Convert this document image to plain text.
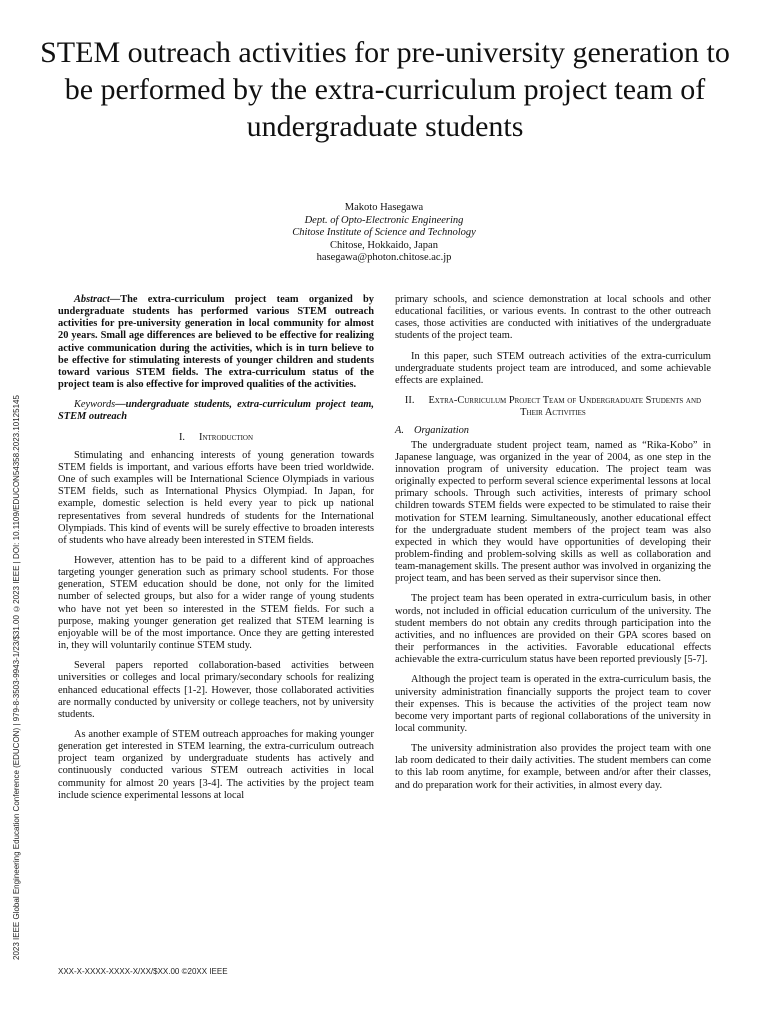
2023 IEEE Global Engineering Education Conference (EDUCON) | 979-8-3503-9943-1/23/$31.00 ©2023 IEEE | DOI: 10.1109/EDUCON54358.2023.10125145
STEM outreach activities for pre-university generation to be performed by the extra-curriculum project team of undergraduate students
Makoto Hasegawa
Dept. of Opto-Electronic Engineering
Chitose Institute of Science and Technology
Chitose, Hokkaido, Japan
hasegawa@photon.chitose.ac.jp

Abstract—The extra-curriculum project team organized by undergraduate students has performed various STEM outreach activities for pre-university generation in local community for almost 20 years. Small age differences are believed to be effective for realizing active communication during the activities, which is in turn believe to be effective for stimulating interests of younger children and students toward various STEM fields. The extra-curriculum status of the project team is also effective for improved qualities of the activities.

Keywords—undergraduate students, extra-curriculum project team, STEM outreach

I. Introduction

Stimulating and enhancing interests of young generation towards STEM fields is important, and various efforts have been tried worldwide. One of such examples will be International Science Olympiads in various STEM fields, such as International Physics Olympiad. In Japan, for example, domestic selection is held every year to pick up national representatives from several hundreds of students for the International Olympiads. This kind of events will be surely effective to broaden interests of students who have already been interested in STEM fields.

However, attention has to be paid to a different kind of approaches targeting younger generation such as primary school students. For those generation, STEM education should be done, not only for the limited number of selected groups, but also for a wider range of young students who have not yet been so interested in the STEM fields. For such a purpose, making younger generation get realized that STEM learning is enjoyable will be of the most importance. Once they are getting interested in, they will voluntarily continue STEM study.

Several papers reported collaboration-based activities between universities or colleges and local primary/secondary schools for realizing enhanced educational effects [1-2]. However, those collaborated activities are normally conducted by university or college teachers, not by university students.

As another example of STEM outreach approaches for making younger generation get interested in STEM learning, the extra-curriculum outreach project team organized by undergraduate students has actively and continuously conducted various STEM outreach activities in local community for almost 20 years [3-4]. The activities by the project team include science experimental lessons at local

primary schools, and science demonstration at local schools and other educational facilities, or various events. In contrast to the other outreach cases, those activities are conducted with initiatives of the undergraduate students of the project team.

In this paper, such STEM outreach activities of the extra-curriculum undergraduate students project team are introduced, and some achievable effects are explained.

II. Extra-Curriculum Project Team of Undergraduate Students and Their Activities
A. Organization

The undergraduate student project team, named as “Rika-Kobo” in Japanese language, was organized in the year of 2004, as one step in the innovation program of university education. The project team was originally expected to perform several science experimental lessons at local primary schools. Through such activities, interests of primary school children towards STEM fields were expected to be stimulated to raise their motivation for STEM learning. Simultaneously, another educational effect for the undergraduate student members of the project team was also expected in which they would have opportunities of developing their problem-finding and problem-solving skills as well as collaboration and team-management skills. The present author was involved in organizing the project team, and has been served as their supervisor since then.

The project team has been operated in extra-curriculum basis, in other words, not included in official education curriculum of the university. The student members do not obtain any credits through participation into the activities, and no influences are provided on their GPA scores based on their performances in the activities. Favorable educational effects achievable the extra-curriculum status have been reported previously [5-7].

Although the project team is operated in the extra-curriculum basis, the university administration financially supports the project team to cover their expenses. This is because the activities of the project team now become very important parts of regional collaborations of the university in local community.

The university administration also provides the project team with one lab room dedicated to their daily activities. The student members can come to this lab room anytime, for example, between and/or after their classes, and do preparation work for their activities, in almost every day.

XXX-X-XXXX-XXXX-X/XX/$XX.00 ©20XX IEEE
